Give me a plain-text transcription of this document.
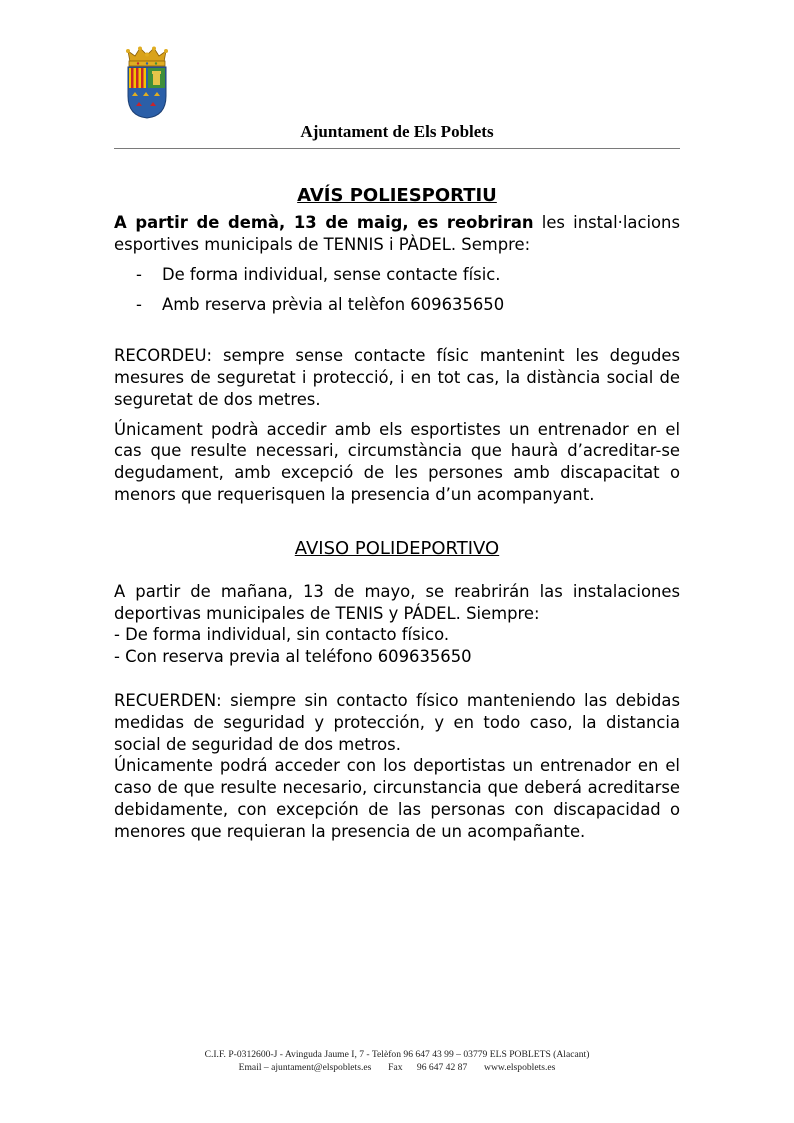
Ajuntament de Els Poblets
AVÍS POLIESPORTIU

A partir de demà, 13 de maig, es reobriran les instal·lacions esportives municipals de TENNIS i PÀDEL. Sempre:

- De forma individual, sense contacte físic.
- Amb reserva prèvia al telèfon 609635650

RECORDEU: sempre sense contacte físic mantenint les degudes mesures de seguretat i protecció, i en tot cas, la distància social de seguretat de dos metres.

Únicament podrà accedir amb els esportistes un entrenador en el cas que resulte necessari, circumstància que haurà d’acreditar-se degudament, amb excepció de les persones amb discapacitat o menors que requerisquen la presencia d’un acompanyant.

AVISO POLIDEPORTIVO

A partir de mañana, 13 de mayo, se reabrirán las instalaciones deportivas municipales de TENIS y PÁDEL. Siempre:

- De forma individual, sin contacto físico.

- Con reserva previa al teléfono 609635650

RECUERDEN: siempre sin contacto físico manteniendo las debidas medidas de seguridad y protección, y en todo caso, la distancia social de seguridad de dos metros.

Únicamente podrá acceder con los deportistas un entrenador en el caso de que resulte necesario, circunstancia que deberá acreditarse debidamente, con excepción de las personas con discapacidad o menores que requieran la presencia de un acompañante.

C.I.F. P-0312600-J - Avinguda Jaume I, 7 - Telèfon 96 647 43 99 – 03779 ELS POBLETS (Alacant)
Email – ajuntament@elspoblets.es       Fax      96 647 42 87       www.elspoblets.es
